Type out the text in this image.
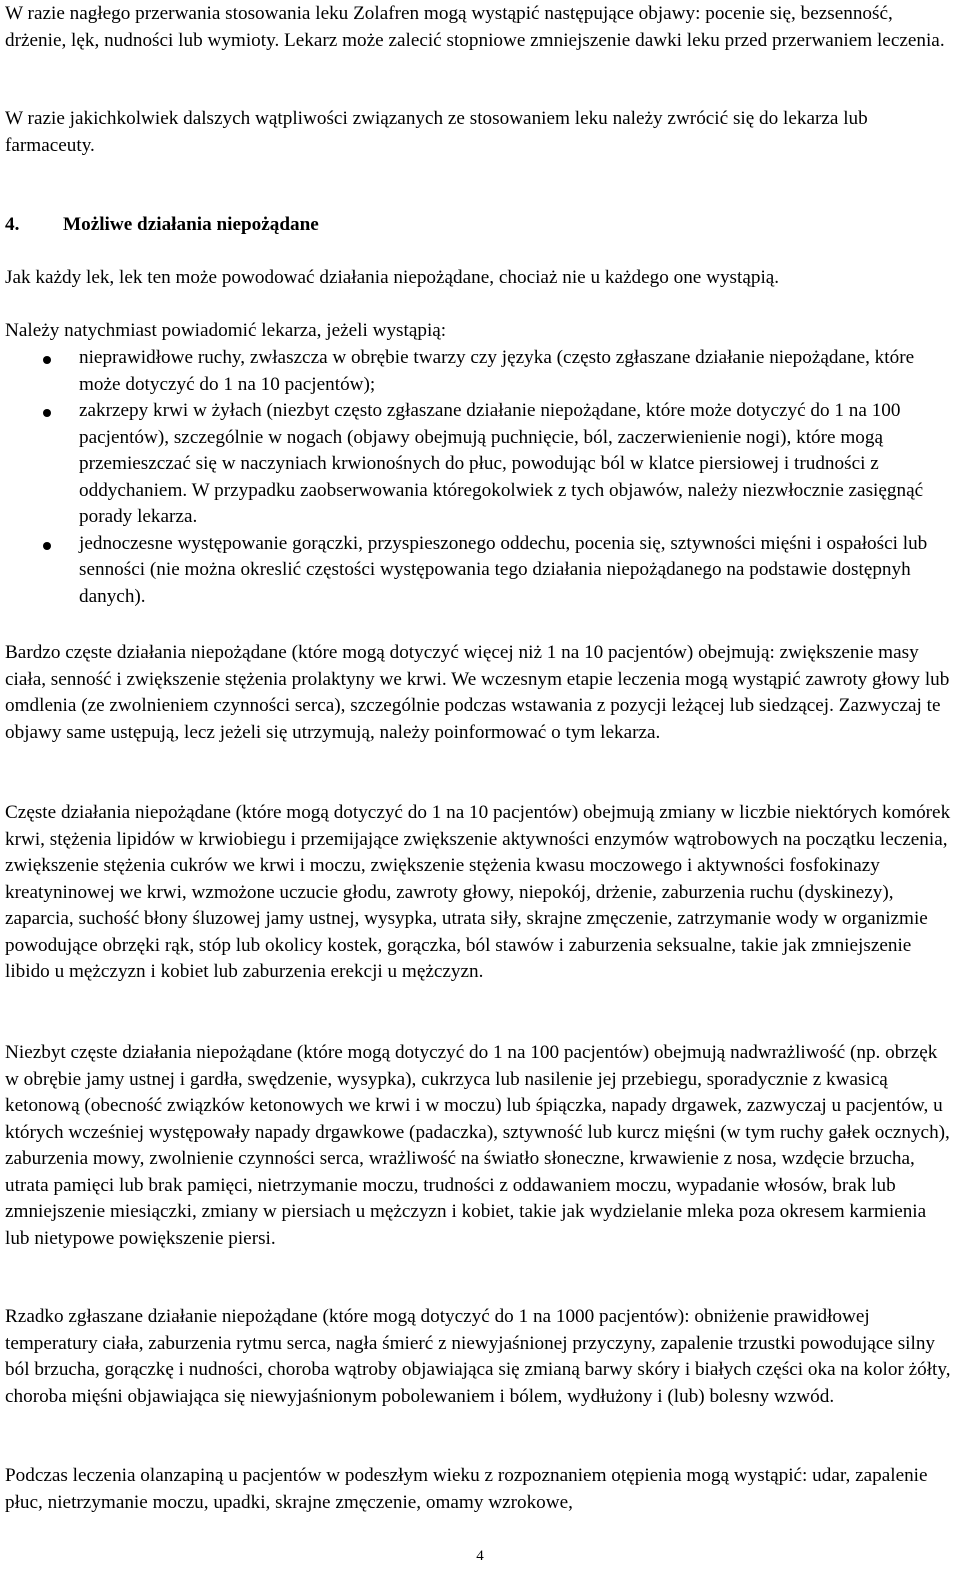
W razie nagłego przerwania stosowania leku Zolafren mogą wystąpić następujące objawy: pocenie się, bezsenność, drżenie, lęk, nudności lub wymioty. Lekarz może zalecić stopniowe zmniejszenie dawki leku przed przerwaniem leczenia.

W razie jakichkolwiek dalszych wątpliwości związanych ze stosowaniem leku należy zwrócić się do lekarza lub farmaceuty.

4. Możliwe działania niepożądane

Jak każdy lek, lek ten może powodować działania niepożądane, chociaż nie u każdego one wystąpią.

Należy natychmiast powiadomić lekarza, jeżeli wystąpią:

nieprawidłowe ruchy, zwłaszcza w obrębie twarzy czy języka (często zgłaszane działanie niepożądane, które może dotyczyć do 1 na 10 pacjentów);
zakrzepy krwi w żyłach (niezbyt często zgłaszane działanie niepożądane, które może dotyczyć do 1 na 100 pacjentów), szczególnie w nogach (objawy obejmują puchnięcie, ból, zaczerwienienie nogi), które mogą przemieszczać się w naczyniach krwionośnych do płuc, powodując ból w klatce piersiowej i trudności z oddychaniem. W przypadku zaobserwowania któregokolwiek z tych objawów, należy niezwłocznie zasięgnąć porady lekarza.
jednoczesne występowanie gorączki, przyspieszonego oddechu, pocenia się, sztywności mięśni i ospałości lub senności (nie można okreslić częstości występowania tego działania niepożądanego na podstawie dostępnyh danych).

Bardzo częste działania niepożądane (które mogą dotyczyć więcej niż 1 na 10 pacjentów) obejmują: zwiększenie masy ciała, senność i zwiększenie stężenia prolaktyny we krwi. We wczesnym etapie leczenia mogą wystąpić zawroty głowy lub omdlenia (ze zwolnieniem czynności serca), szczególnie podczas wstawania z pozycji leżącej lub siedzącej. Zazwyczaj te objawy same ustępują, lecz jeżeli się utrzymują, należy poinformować o tym lekarza.

Częste działania niepożądane (które mogą dotyczyć do 1 na 10 pacjentów) obejmują zmiany w liczbie niektórych komórek krwi, stężenia lipidów w krwiobiegu i przemijające zwiększenie aktywności enzymów wątrobowych na początku leczenia, zwiększenie stężenia cukrów we krwi i moczu, zwiększenie stężenia kwasu moczowego i aktywności fosfokinazy kreatyninowej we krwi, wzmożone uczucie głodu, zawroty głowy, niepokój, drżenie, zaburzenia ruchu (dyskinezy), zaparcia, suchość błony śluzowej jamy ustnej, wysypka, utrata siły, skrajne zmęczenie, zatrzymanie wody w organizmie powodujące obrzęki rąk, stóp lub okolicy kostek, gorączka, ból stawów i zaburzenia seksualne, takie jak zmniejszenie libido u mężczyzn i kobiet lub zaburzenia erekcji u mężczyzn.

Niezbyt częste działania niepożądane (które mogą dotyczyć do 1 na 100 pacjentów) obejmują nadwrażliwość (np. obrzęk w obrębie jamy ustnej i gardła, swędzenie, wysypka), cukrzyca lub nasilenie jej przebiegu, sporadycznie z kwasicą ketonową (obecność związków ketonowych we krwi i w moczu) lub śpiączka, napady drgawek, zazwyczaj u pacjentów, u których wcześniej występowały napady drgawkowe (padaczka), sztywność lub kurcz mięśni (w tym ruchy gałek ocznych), zaburzenia mowy, zwolnienie czynności serca, wrażliwość na światło słoneczne, krwawienie z nosa, wzdęcie brzucha, utrata pamięci lub brak pamięci, nietrzymanie moczu, trudności z oddawaniem moczu, wypadanie włosów, brak lub zmniejszenie miesiączki, zmiany w piersiach u mężczyzn i kobiet, takie jak wydzielanie mleka poza okresem karmienia lub nietypowe powiększenie piersi.

Rzadko zgłaszane działanie niepożądane (które mogą dotyczyć do 1 na 1000 pacjentów): obniżenie prawidłowej temperatury ciała, zaburzenia rytmu serca, nagła śmierć z niewyjaśnionej przyczyny, zapalenie trzustki powodujące silny ból brzucha, gorączkę i nudności, choroba wątroby objawiająca się zmianą barwy skóry i białych części oka na kolor żółty, choroba mięśni objawiająca się niewyjaśnionym pobolewaniem i bólem, wydłużony i (lub) bolesny wzwód.

Podczas leczenia olanzapiną u pacjentów w podeszłym wieku z rozpoznaniem otępienia mogą wystąpić: udar, zapalenie płuc, nietrzymanie moczu, upadki, skrajne zmęczenie, omamy wzrokowe,

4
